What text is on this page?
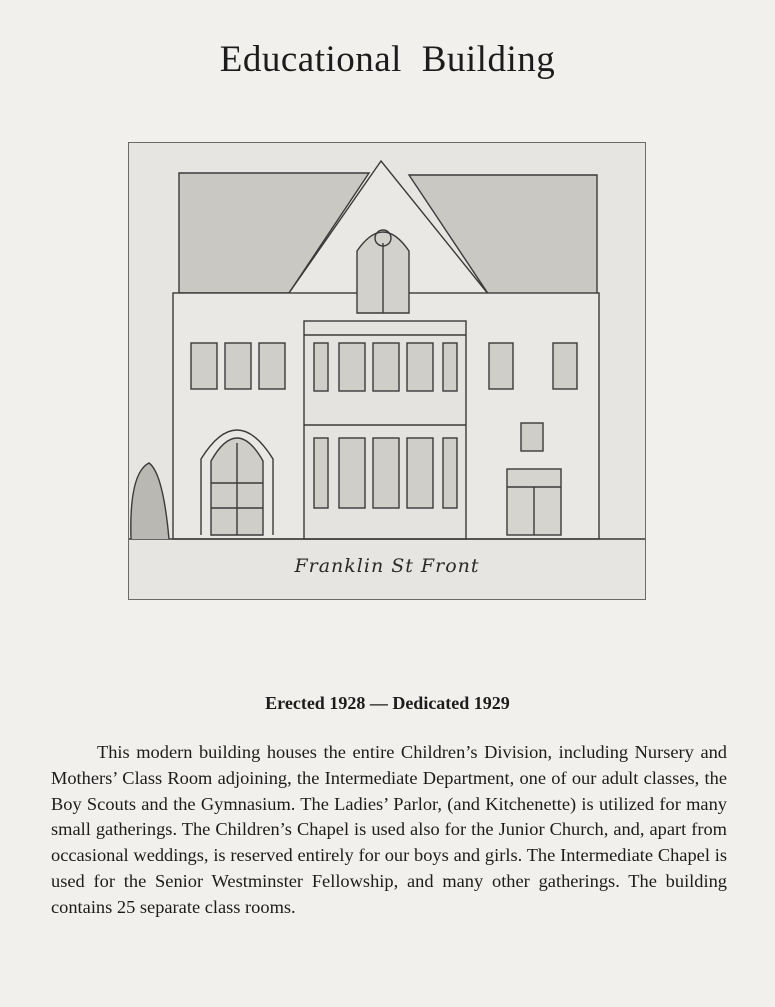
Educational Building
Franklin St Front
Erected 1928 — Dedicated 1929

This modern building houses the entire Children’s Division, including Nursery and Mothers’ Class Room adjoining, the Intermediate Department, one of our adult classes, the Boy Scouts and the Gymnasium. The Ladies’ Parlor, (and Kitchenette) is utilized for many small gatherings. The Children’s Chapel is used also for the Junior Church, and, apart from occasional weddings, is reserved entirely for our boys and girls. The Intermediate Chapel is used for the Senior Westminster Fellowship, and many other gatherings. The building contains 25 separate class rooms.
